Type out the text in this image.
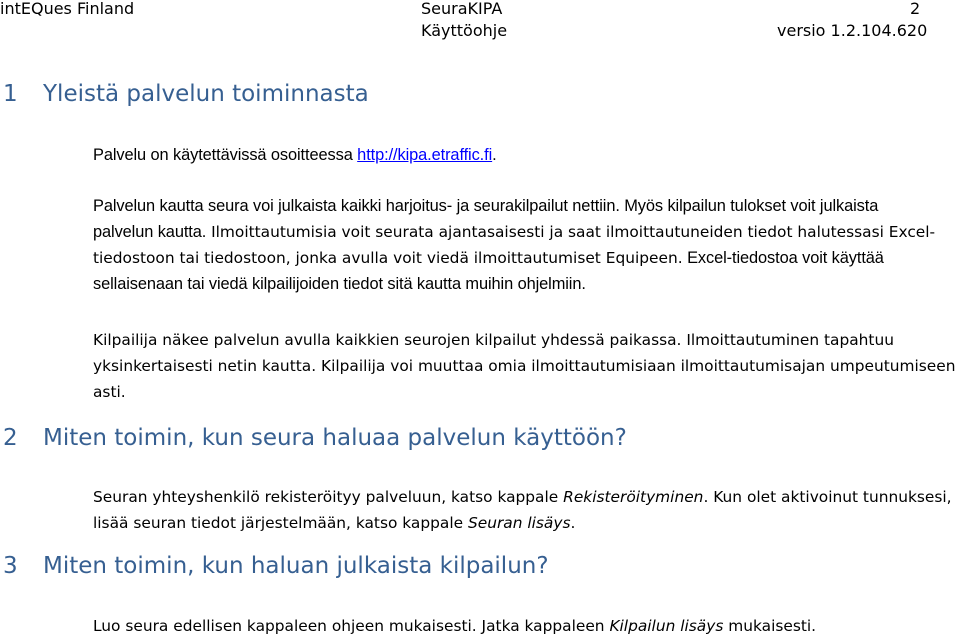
intEQues Finland	SeuraKIPA	2
Käyttöohje	versio 1.2.104.620
1 Yleistä palvelun toiminnasta
Palvelu on käytettävissä osoitteessa http://kipa.etraffic.fi.
Palvelun kautta seura voi julkaista kaikki harjoitus- ja seurakilpailut nettiin. Myös kilpailun tulokset voit julkaista
palvelun kautta. Ilmoittautumisia voit seurata ajantasaisesti ja saat ilmoittautuneiden tiedot halutessasi Excel-
tiedostoon tai tiedostoon, jonka avulla voit viedä ilmoittautumiset Equipeen. Excel-tiedostoa voit käyttää
sellaisenaan tai viedä kilpailijoiden tiedot sitä kautta muihin ohjelmiin.
Kilpailija näkee palvelun avulla kaikkien seurojen kilpailut yhdessä paikassa. Ilmoittautuminen tapahtuu
yksinkertaisesti netin kautta. Kilpailija voi muuttaa omia ilmoittautumisiaan ilmoittautumisajan umpeutumiseen
asti.
2 Miten toimin, kun seura haluaa palvelun käyttöön?
Seuran yhteyshenkilö rekisteröityy palveluun, katso kappale Rekisteröityminen. Kun olet aktivoinut tunnuksesi,
lisää seuran tiedot järjestelmään, katso kappale Seuran lisäys.
3 Miten toimin, kun haluan julkaista kilpailun?
Luo seura edellisen kappaleen ohjeen mukaisesti. Jatka kappaleen Kilpailun lisäys mukaisesti.
